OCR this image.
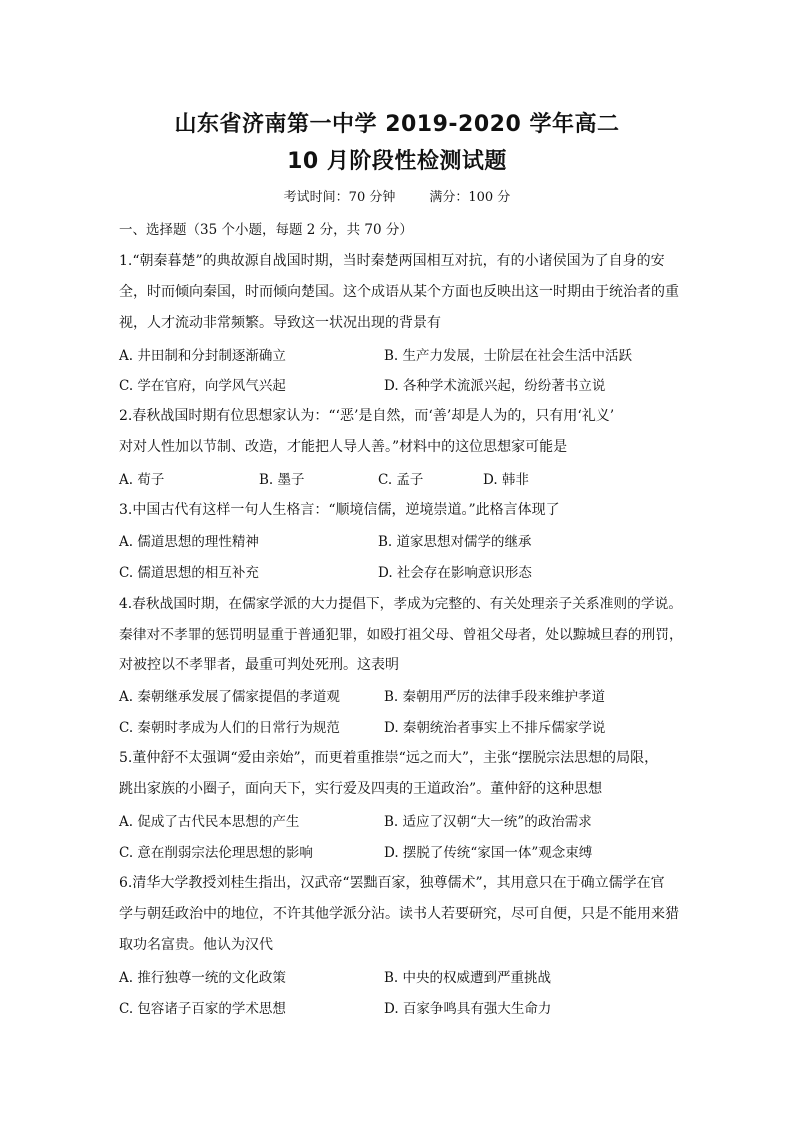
山东省济南第一中学 2019-2020 学年高二
10 月阶段性检测试题
考试时间：70 分钟	满分：100 分
一、选择题（35 个小题，每题 2 分，共 70 分）
1.“朝秦暮楚”的典故源自战国时期，当时秦楚两国相互对抗，有的小诸侯国为了自身的安
全，时而倾向秦国，时而倾向楚国。这个成语从某个方面也反映出这一时期由于统治者的重
视，人才流动非常频繁。导致这一状况出现的背景有
A. 井田制和分封制逐渐确立	B. 生产力发展，士阶层在社会生活中活跃
C. 学在官府，向学风气兴起	D. 各种学术流派兴起，纷纷著书立说
2.春秋战国时期有位思想家认为：“‘恶’是自然，而‘善’却是人为的，只有用‘礼义’
对对人性加以节制、改造，才能把人导人善。”材料中的这位思想家可能是
A. 荀子	B. 墨子	C. 孟子	D. 韩非
3.中国古代有这样一句人生格言：“顺境信儒，逆境崇道。”此格言体现了
A. 儒道思想的理性精神	B. 道家思想对儒学的继承
C. 儒道思想的相互补充	D. 社会存在影响意识形态
4.春秋战国时期，在儒家学派的大力提倡下，孝成为完整的、有关处理亲子关系准则的学说。
秦律对不孝罪的惩罚明显重于普通犯罪，如殴打祖父母、曾祖父母者，处以黥城旦舂的刑罚，
对被控以不孝罪者，最重可判处死刑。这表明
A. 秦朝继承发展了儒家提倡的孝道观	B. 秦朝用严厉的法律手段来维护孝道
C. 秦朝时孝成为人们的日常行为规范	D. 秦朝统治者事实上不排斥儒家学说
5.董仲舒不太强调“爱由亲始”，而更着重推崇“远之而大”，主张“摆脱宗法思想的局限，
跳出家族的小圈子，面向天下，实行爱及四夷的王道政治”。董仲舒的这种思想
A. 促成了古代民本思想的产生	B. 适应了汉朝“大一统”的政治需求
C. 意在削弱宗法伦理思想的影响	D. 摆脱了传统“家国一体”观念束缚
6.清华大学教授刘桂生指出，汉武帝“罢黜百家，独尊儒术”，其用意只在于确立儒学在官
学与朝廷政治中的地位，不许其他学派分沾。读书人若要研究，尽可自便，只是不能用来猎
取功名富贵。他认为汉代
A. 推行独尊一统的文化政策	B. 中央的权威遭到严重挑战
C. 包容诸子百家的学术思想	D. 百家争鸣具有强大生命力
